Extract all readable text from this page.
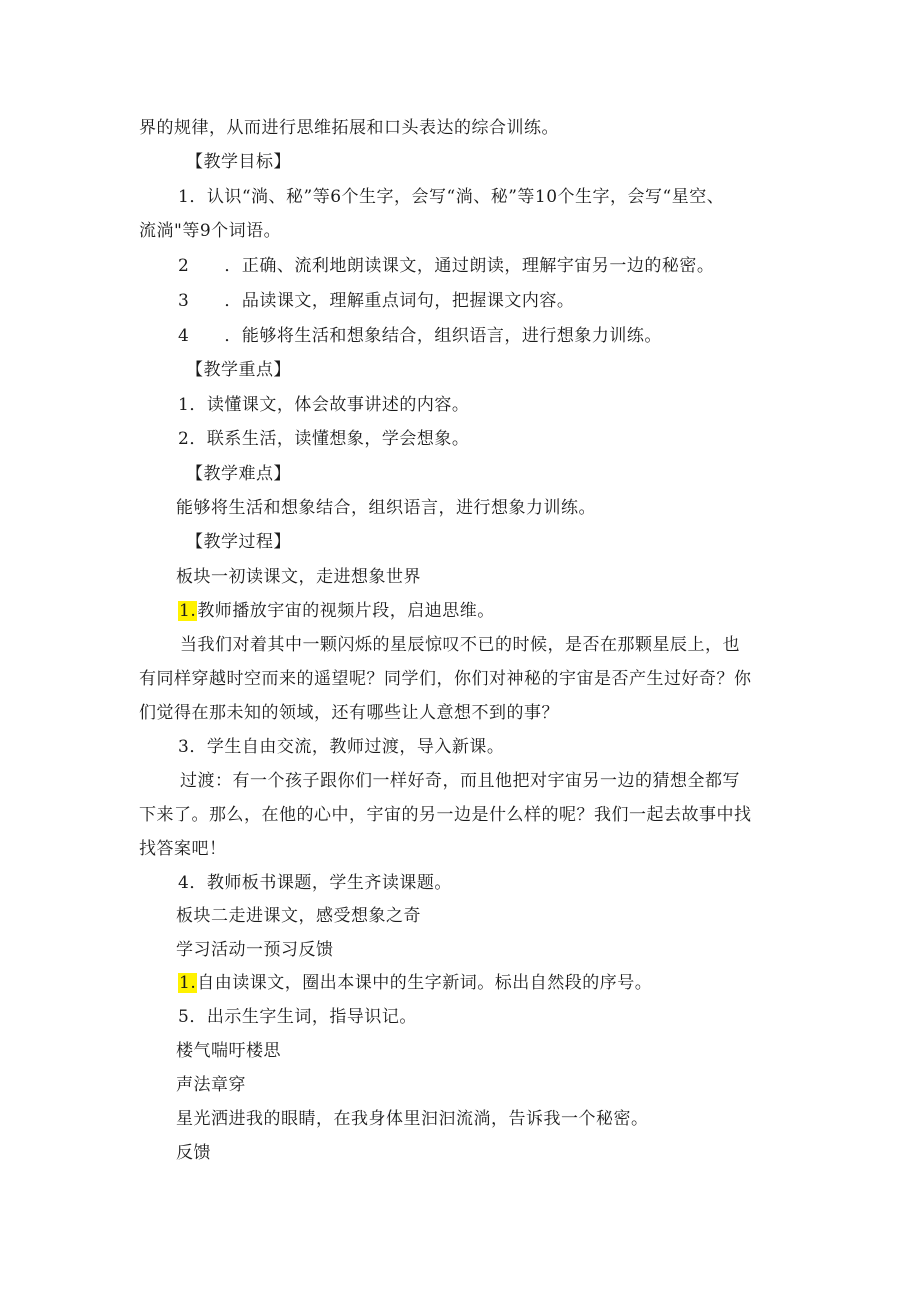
界的规律，从而进行思维拓展和口头表达的综合训练。
【教学目标】
1．认识“淌、秘”等6个生字，会写“淌、秘”等10个生字，会写“星空、
流淌"等9个词语。
2　　．正确、流利地朗读课文，通过朗读，理解宇宙另一边的秘密。
3　　．品读课文，理解重点词句，把握课文内容。
4　　．能够将生活和想象结合，组织语言，进行想象力训练。
【教学重点】
1．读懂课文，体会故事讲述的内容。
2．联系生活，读懂想象，学会想象。
【教学难点】
能够将生活和想象结合，组织语言，进行想象力训练。
【教学过程】
板块一初读课文，走进想象世界
1.教师播放宇宙的视频片段，启迪思维。
当我们对着其中一颗闪烁的星辰惊叹不已的时候，是否在那颗星辰上，也
有同样穿越时空而来的遥望呢？同学们，你们对神秘的宇宙是否产生过好奇？你
们觉得在那未知的领域，还有哪些让人意想不到的事？
3．学生自由交流，教师过渡，导入新课。
过渡：有一个孩子跟你们一样好奇，而且他把对宇宙另一边的猜想全都写
下来了。那么，在他的心中，宇宙的另一边是什么样的呢？我们一起去故事中找
找答案吧！
4．教师板书课题，学生齐读课题。
板块二走进课文，感受想象之奇
学习活动一预习反馈
1.自由读课文，圈出本课中的生字新词。标出自然段的序号。
5．出示生字生词，指导识记。
楼气喘吁楼思
声法章穿
星光洒进我的眼睛，在我身体里汩汩流淌，告诉我一个秘密。
反馈
